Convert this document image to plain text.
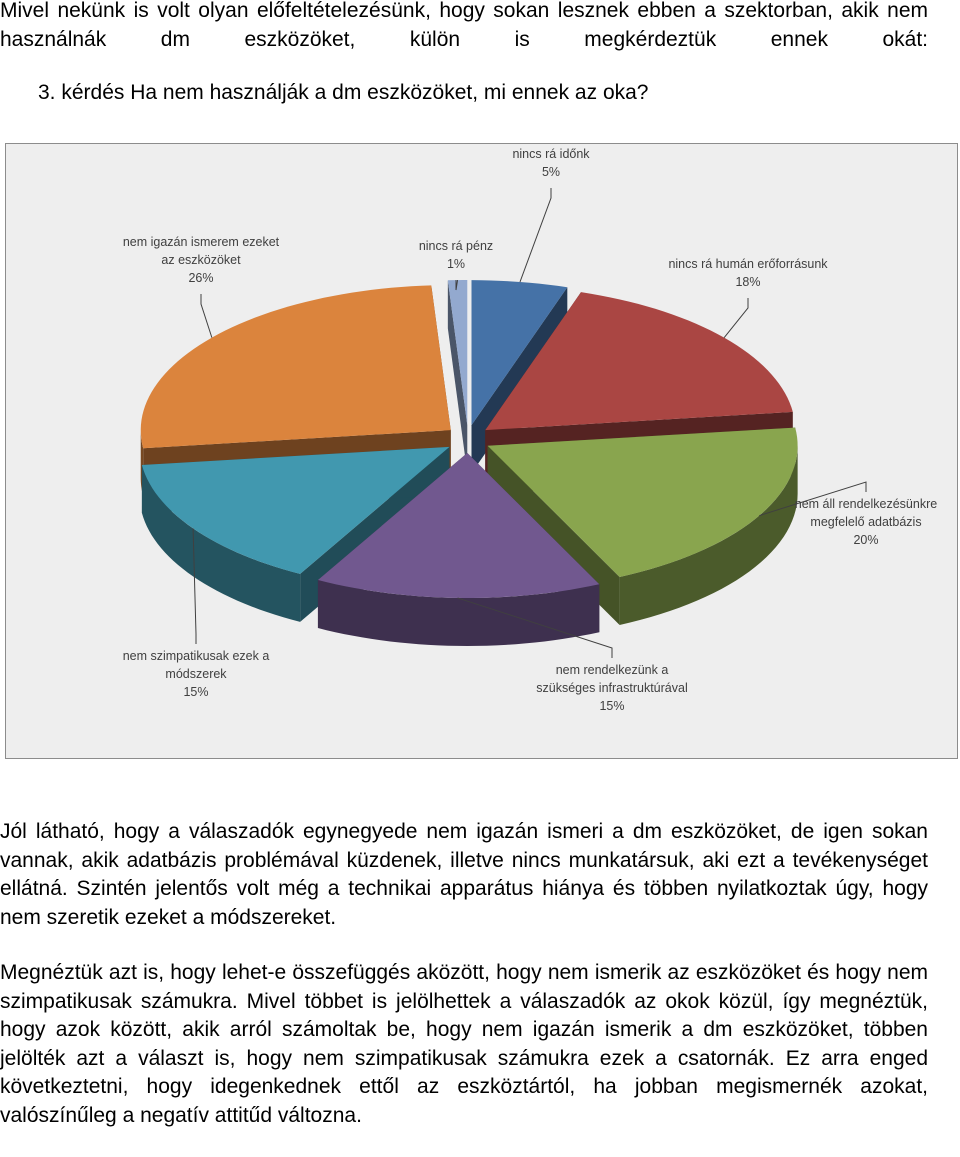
Mivel nekünk is volt olyan előfeltételezésünk, hogy sokan lesznek ebben a szektorban, akik nem használnák dm eszközöket, külön is megkérdeztük ennek okát:

3. kérdés Ha nem használják a dm eszközöket, mi ennek az oka?

nincs rá időnk 5%
nincs rá humán erőforrásunk 18%
nem áll rendelkezésünkre megfelelő adatbázis 20%
nem rendelkezünk a szükséges infrastruktúrával 15%
nem szimpatikusak ezek a módszerek 15%
nem igazán ismerem ezeket az eszközöket 26%
nincs rá pénz 1%

Jól látható, hogy a válaszadók egynegyede nem igazán ismeri a dm eszközöket, de igen sokan vannak, akik adatbázis problémával küzdenek, illetve nincs munkatársuk, aki ezt a tevékenységet ellátná. Szintén jelentős volt még a technikai apparátus hiánya és többen nyilatkoztak úgy, hogy nem szeretik ezeket a módszereket.

Megnéztük azt is, hogy lehet-e összefüggés aközött, hogy nem ismerik az eszközöket és hogy nem szimpatikusak számukra. Mivel többet is jelölhettek a válaszadók az okok közül, így megnéztük, hogy azok között, akik arról számoltak be, hogy nem igazán ismerik a dm eszközöket, többen jelölték azt a választ is, hogy nem szimpatikusak számukra ezek a csatornák. Ez arra enged következtetni, hogy idegenkednek ettől az eszköztártól, ha jobban megismernék azokat, valószínűleg a negatív attitűd változna.
